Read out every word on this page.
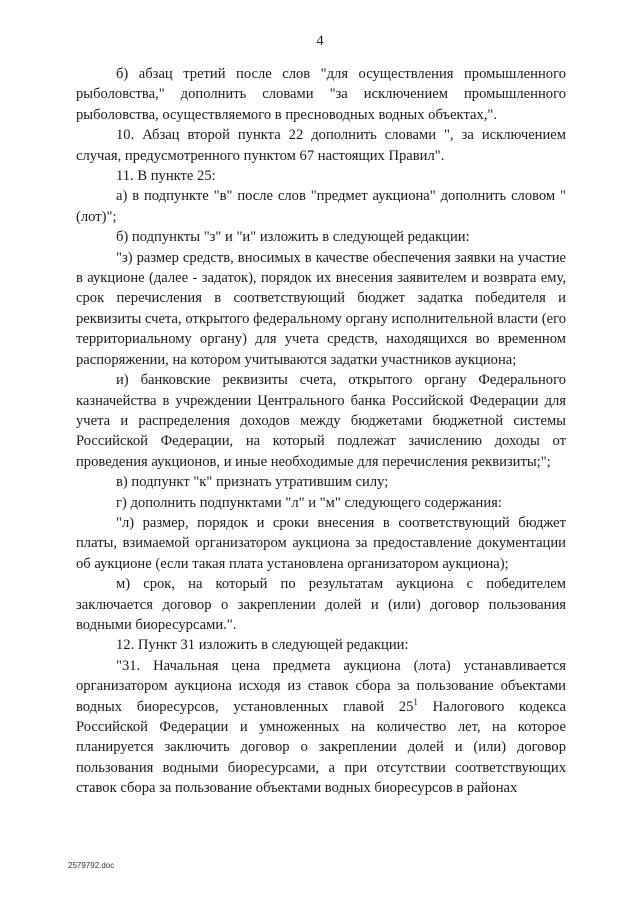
4

б) абзац третий после слов "для осуществления промышленного рыболовства," дополнить словами "за исключением промышленного рыболовства, осуществляемого в пресноводных водных объектах,".

10. Абзац второй пункта 22 дополнить словами ", за исключением случая, предусмотренного пунктом 67 настоящих Правил".

11. В пункте 25:

а) в подпункте "в" после слов "предмет аукциона" дополнить словом "(лот)";

б) подпункты "з" и "и" изложить в следующей редакции:

"з) размер средств, вносимых в качестве обеспечения заявки на участие в аукционе (далее - задаток), порядок их внесения заявителем и возврата ему, срок перечисления в соответствующий бюджет задатка победителя и реквизиты счета, открытого федеральному органу исполнительной власти (его территориальному органу) для учета средств, находящихся во временном распоряжении, на котором учитываются задатки участников аукциона;

и) банковские реквизиты счета, открытого органу Федерального казначейства в учреждении Центрального банка Российской Федерации для учета и распределения доходов между бюджетами бюджетной системы Российской Федерации, на который подлежат зачислению доходы от проведения аукционов, и иные необходимые для перечисления реквизиты;";

в) подпункт "к" признать утратившим силу;

г) дополнить подпунктами "л" и "м" следующего содержания:

"л) размер, порядок и сроки внесения в соответствующий бюджет платы, взимаемой организатором аукциона за предоставление документации об аукционе (если такая плата установлена организатором аукциона);

м) срок, на который по результатам аукциона с победителем заключается договор о закреплении долей и (или) договор пользования водными биоресурсами.".

12. Пункт 31 изложить в следующей редакции:

"31. Начальная цена предмета аукциона (лота) устанавливается организатором аукциона исходя из ставок сбора за пользование объектами водных биоресурсов, установленных главой $25^1$ Налогового кодекса Российской Федерации и умноженных на количество лет, на которое планируется заключить договор о закреплении долей и (или) договор пользования водными биоресурсами, а при отсутствии соответствующих ставок сбора за пользование объектами водных биоресурсов в районах

2579792.doc
